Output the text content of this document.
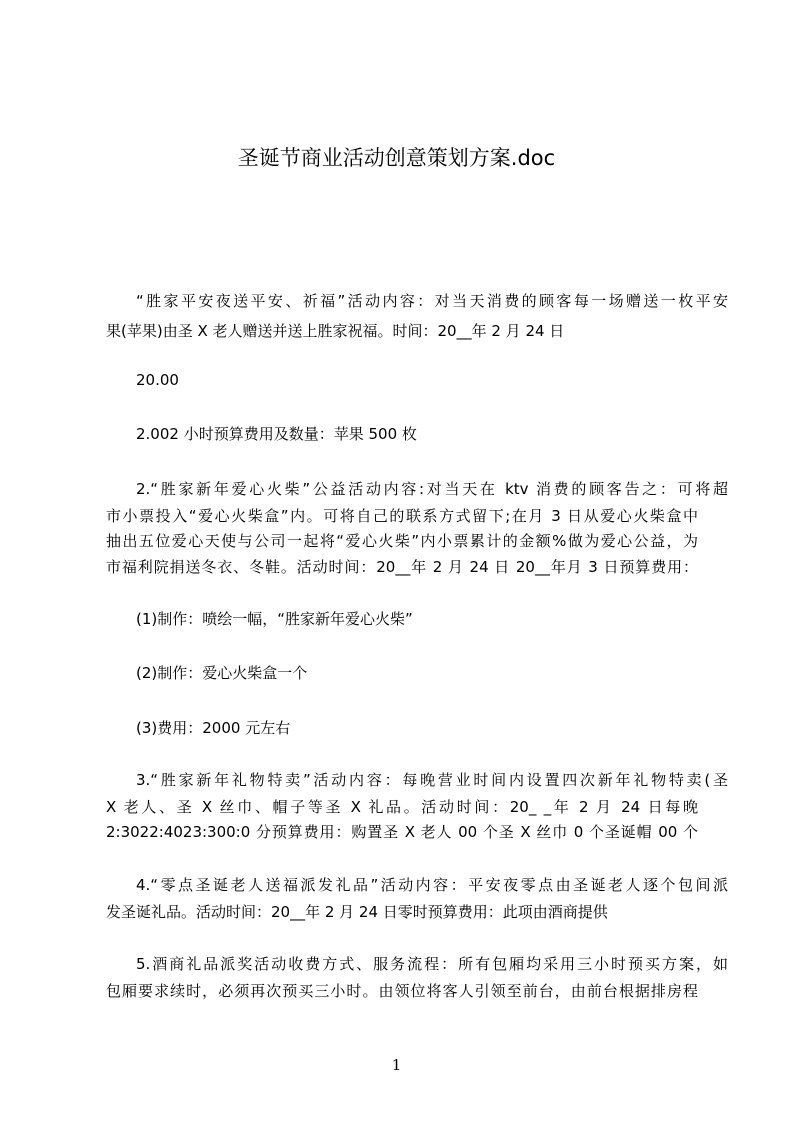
圣诞节商业活动创意策划方案.doc
“胜家平安夜送平安、祈福”活动内容：对当天消费的顾客每一场赠送一枚平安
果(苹果)由圣 X 老人赠送并送上胜家祝福。时间：20__年 2 月 24 日
20.00
2.002 小时预算费用及数量：苹果 500 枚
2.“胜家新年爱心火柴”公益活动内容:对当天在 ktv 消费的顾客告之：可将超
市小票投入“爱心火柴盒”内。可将自己的联系方式留下;在月 3 日从爱心火柴盒中
抽出五位爱心天使与公司一起将“爱心火柴”内小票累计的金额%做为爱心公益，为
市福利院捐送冬衣、冬鞋。活动时间：20__年 2 月 24 日 20__年月 3 日预算费用：
(1)制作：喷绘一幅，“胜家新年爱心火柴”
(2)制作：爱心火柴盒一个
(3)费用：2000 元左右
3.“胜家新年礼物特卖”活动内容：每晚营业时间内设置四次新年礼物特卖(圣
X 老人、圣 X 丝巾、帽子等圣 X 礼品。活动时间：20_ _年 2 月 24 日每晚
2:3022:4023:300:0 分预算费用：购置圣 X 老人 00 个圣 X 丝巾 0 个圣诞帽 00 个
4.“零点圣诞老人送福派发礼品”活动内容：平安夜零点由圣诞老人逐个包间派
发圣诞礼品。活动时间：20__年 2 月 24 日零时预算费用：此项由酒商提供
5.酒商礼品派奖活动收费方式、服务流程：所有包厢均采用三小时预买方案，如
包厢要求续时，必须再次预买三小时。由领位将客人引领至前台，由前台根据排房程
1
